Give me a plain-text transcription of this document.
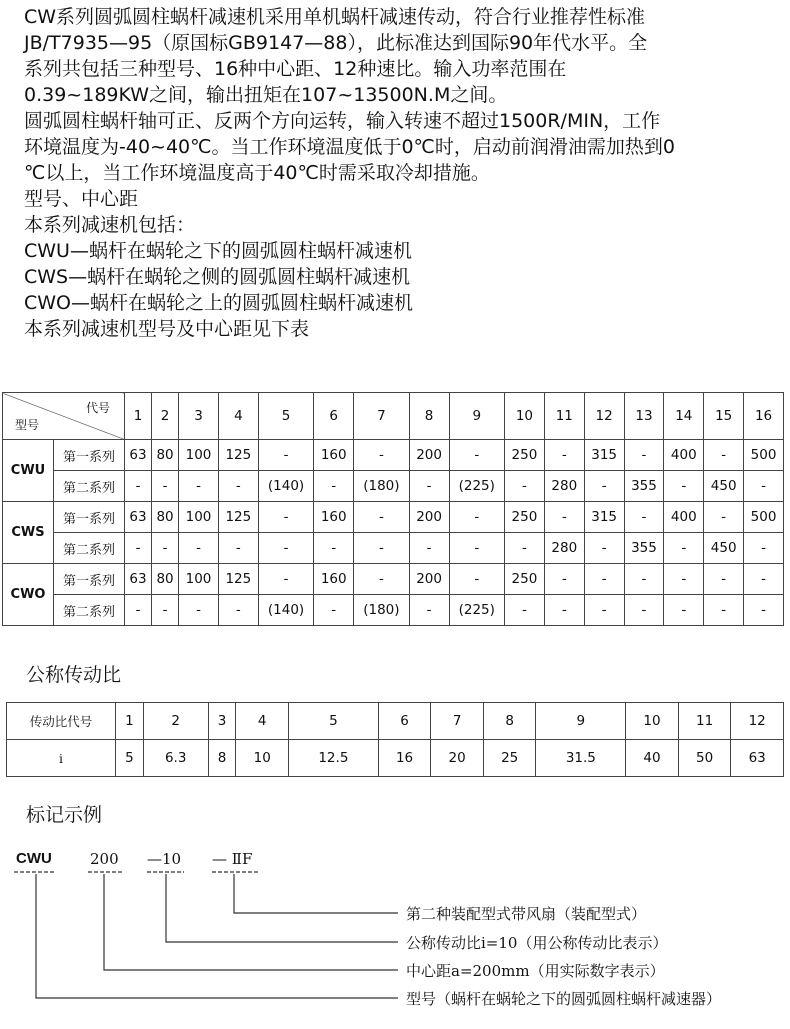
CW系列圆弧圆柱蜗杆减速机采用单机蜗杆减速传动，符合行业推荐性标准

JB/T7935—95（原国标GB9147—88），此标准达到国际90年代水平。全

系列共包括三种型号、16种中心距、12种速比。输入功率范围在

0.39~189KW之间，输出扭矩在107~13500N.M之间。

圆弧圆柱蜗杆轴可正、反两个方向运转，输入转速不超过1500R/MIN，工作

环境温度为-40~40℃。当工作环境温度低于0℃时，启动前润滑油需加热到0

℃以上，当工作环境温度高于40℃时需采取冷却措施。

型号、中心距

本系列减速机包括：

CWU—蜗杆在蜗轮之下的圆弧圆柱蜗杆减速机

CWS—蜗杆在蜗轮之侧的圆弧圆柱蜗杆减速机

CWO—蜗杆在蜗轮之上的圆弧圆柱蜗杆减速机

本系列减速机型号及中心距见下表

代号
型号		1	2	3	4	5	6	7	8	9	10	11	12	13	14	15	16
CWU	第一系列	63	80	100	125	-	160	-	200	-	250	-	315	-	400	-	500
	第二系列	-	-	-	-	(140)	-	(180)	-	(225)	-	280	-	355	-	450	-
CWS	第一系列	63	80	100	125	-	160	-	200	-	250	-	315	-	400	-	500
	第二系列	-	-	-	-	-	-	-	-	-	-	280	-	355	-	450	-
CWO	第一系列	63	80	100	125	-	160	-	200	-	250	-	-	-	-	-	-
	第二系列	-	-	-	-	(140)	-	(180)	-	(225)	-	-	-	-	-	-	-
公称传动比
传动比代号	1	2	3	4	5	6	7	8	9	10	11	12
i	5	6.3	8	10	12.5	16	20	25	31.5	40	50	63
标记示例
CWU	200 —10 — ⅡF
第二种装配型式带风扇（装配型式）
公称传动比i=10（用公称传动比表示）
中心距a=200mm（用实际数字表示）
型号（蜗杆在蜗轮之下的圆弧圆柱蜗杆减速器）
